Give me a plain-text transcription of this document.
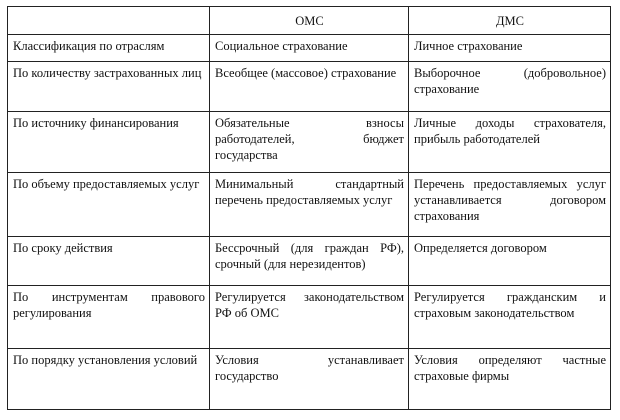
	ОМС	ДМС
Классификация по отраслям	Социальное страхование	Личное страхование
По количеству застрахованных лиц	Всеобщее (массовое) страхование	Выборочное (добровольное) страхование
По источнику финансирования	Обязательные взносы работодателей, бюджет государства	Личные доходы страхователя, прибыль работодателей
По объему предоставляемых услуг	Минимальный стандартный перечень предоставляемых услуг	Перечень предоставляемых услуг устанавливается договором страхования
По сроку действия	Бессрочный (для граждан РФ), срочный (для нерезидентов)	Определяется договором
По инструментам правового регулирования	Регулируется законодательством РФ об ОМС	Регулируется гражданским и страховым законодательством
По порядку установления условий	Условия устанавливает государство	Условия определяют частные страховые фирмы
